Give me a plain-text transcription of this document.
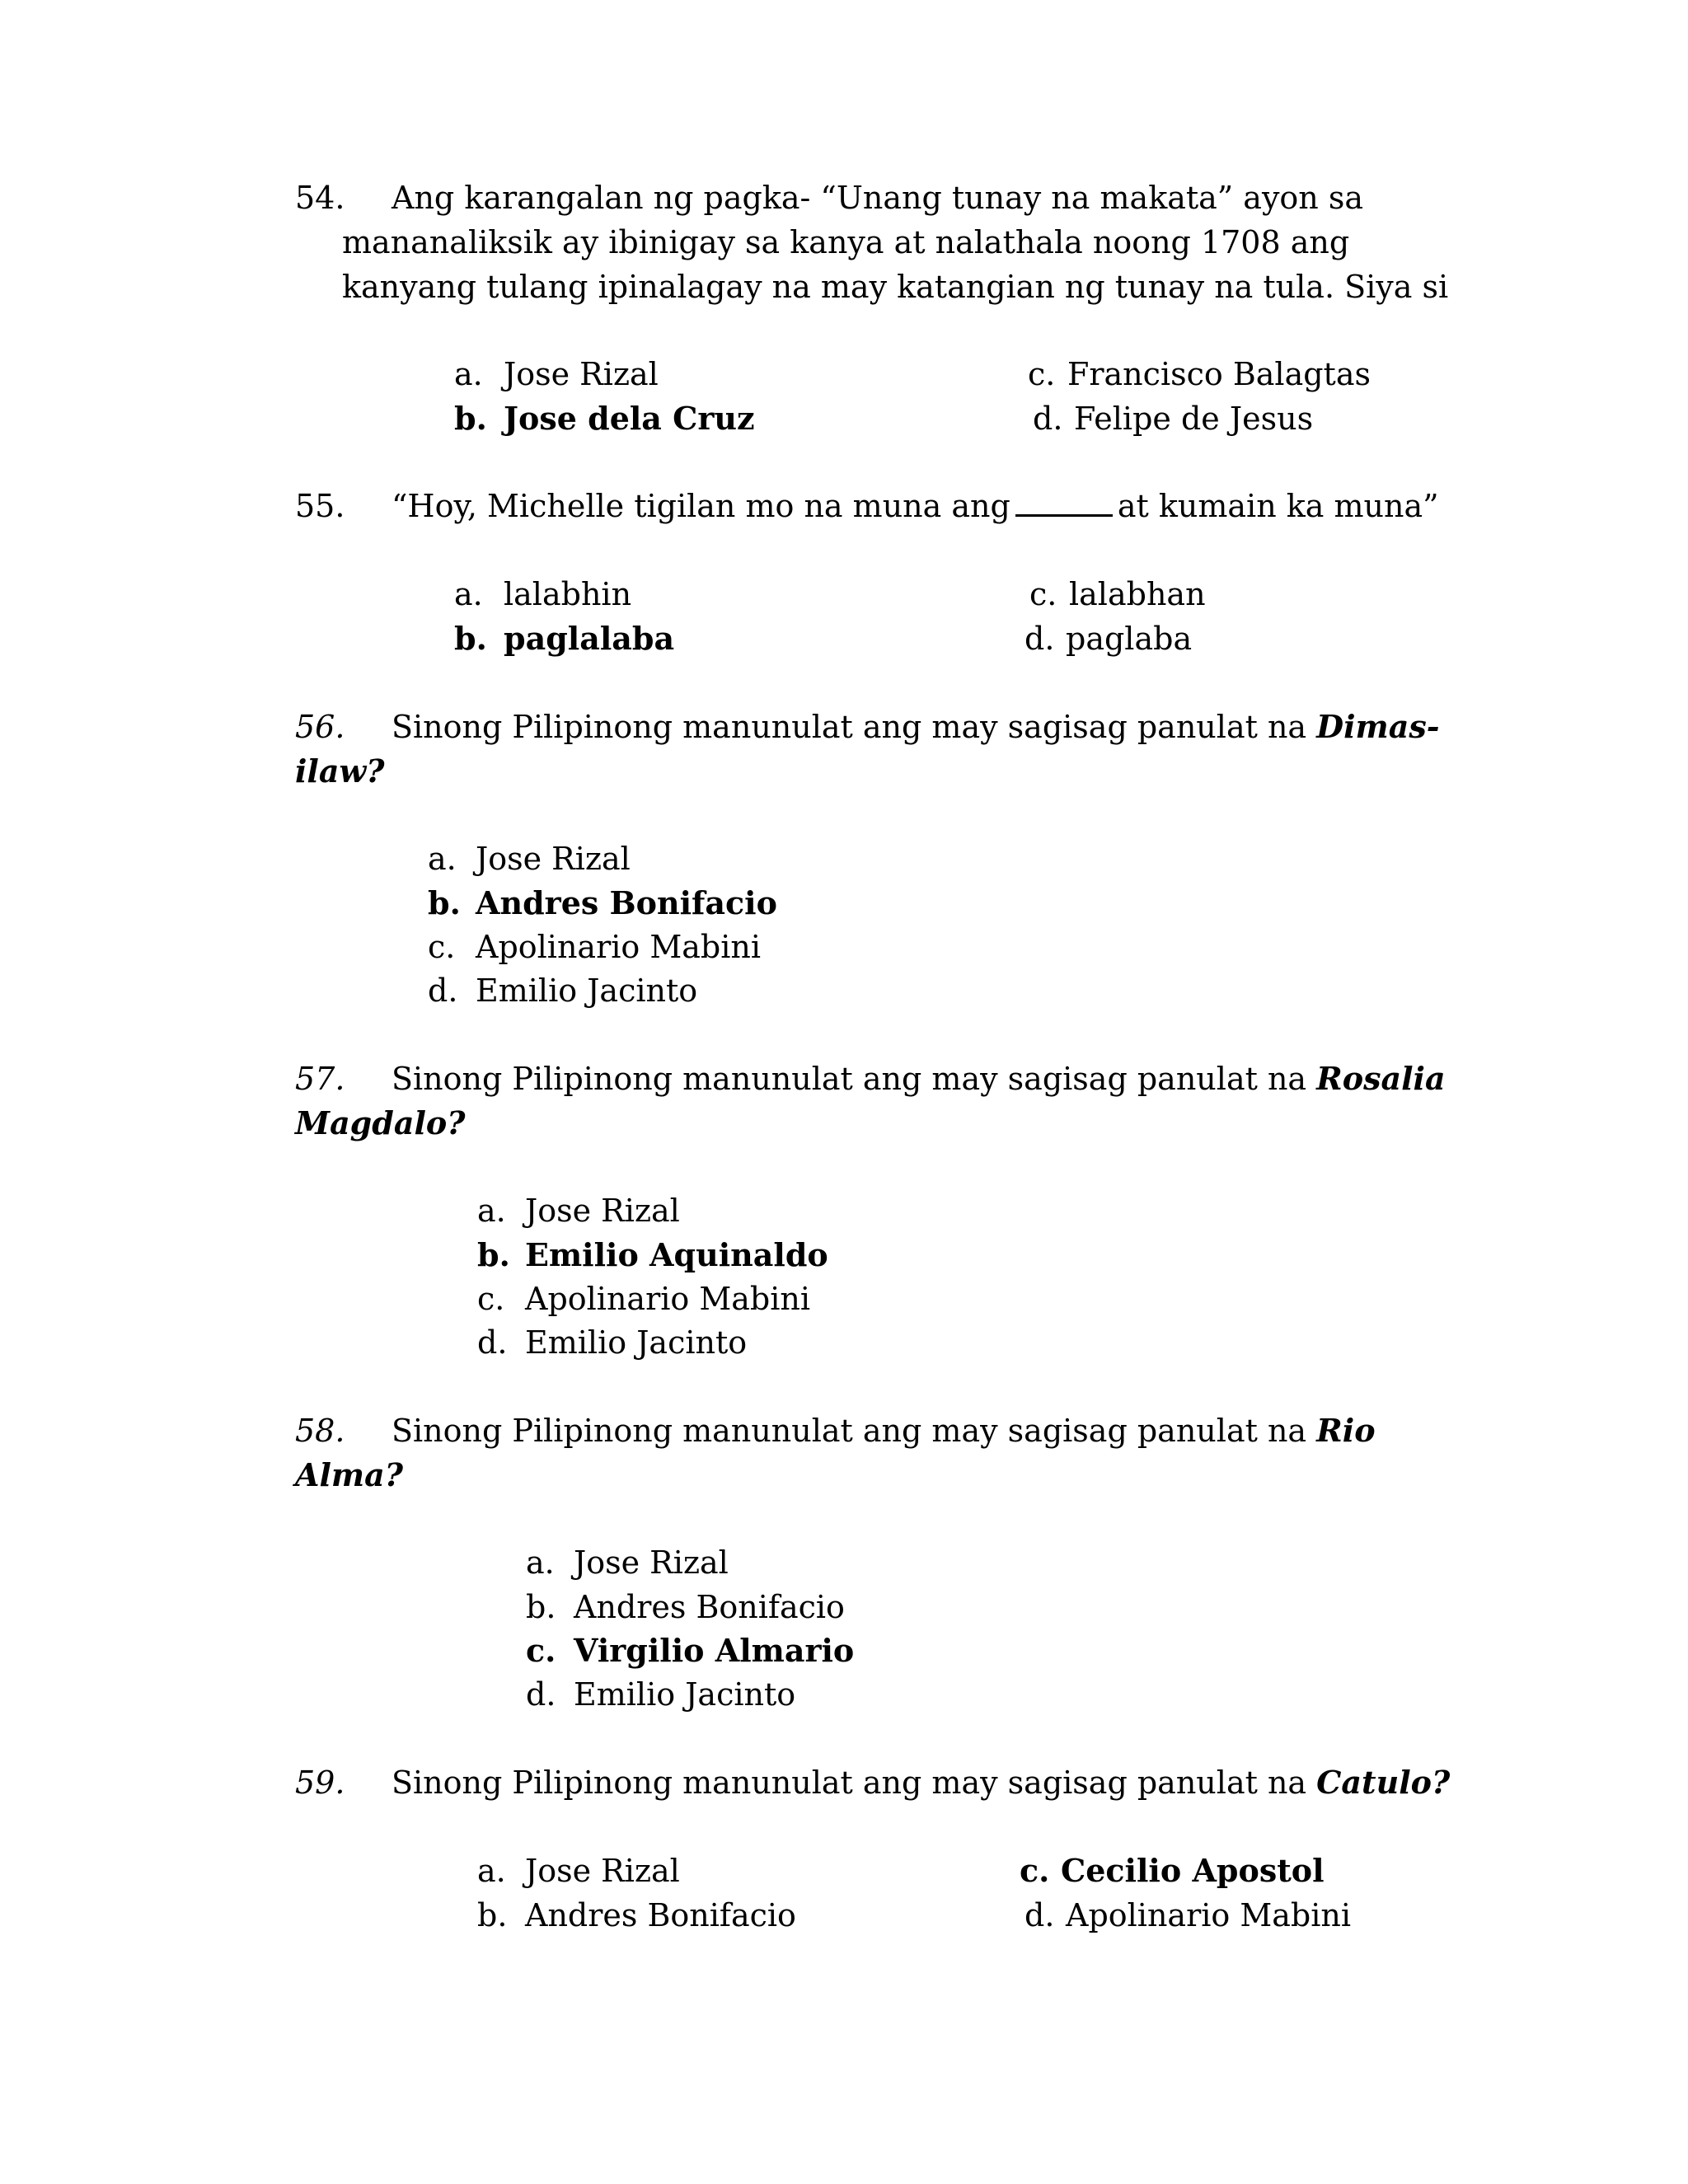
54.	Ang karangalan ng pagka- “Unang tunay na makata” ayon sa
mananaliksik ay ibinigay sa kanya at nalathala noong 1708 ang
kanyang tulang ipinalagay na may katangian ng tunay na tula. Siya si
a. Jose Rizal
b. Jose dela Cruz
c. Francisco Balagtas
d. Felipe de Jesus
55.	“Hoy, Michelle tigilan mo na muna ang	at kumain ka muna”
a. lalabhin
b. paglalaba
c. lalabhan
d. paglaba
56.	Sinong Pilipinong manunulat ang may sagisag panulat na Dimas-
ilaw?
a. Jose Rizal
b. Andres Bonifacio
c. Apolinario Mabini
d. Emilio Jacinto
57.	Sinong Pilipinong manunulat ang may sagisag panulat na Rosalia
Magdalo?
a. Jose Rizal
b. Emilio Aquinaldo
c. Apolinario Mabini
d. Emilio Jacinto
58.	Sinong Pilipinong manunulat ang may sagisag panulat na Rio
Alma?
a. Jose Rizal
b. Andres Bonifacio
c. Virgilio Almario
d. Emilio Jacinto
59.	Sinong Pilipinong manunulat ang may sagisag panulat na Catulo?
a. Jose Rizal
b. Andres Bonifacio
c. Cecilio Apostol
d. Apolinario Mabini
